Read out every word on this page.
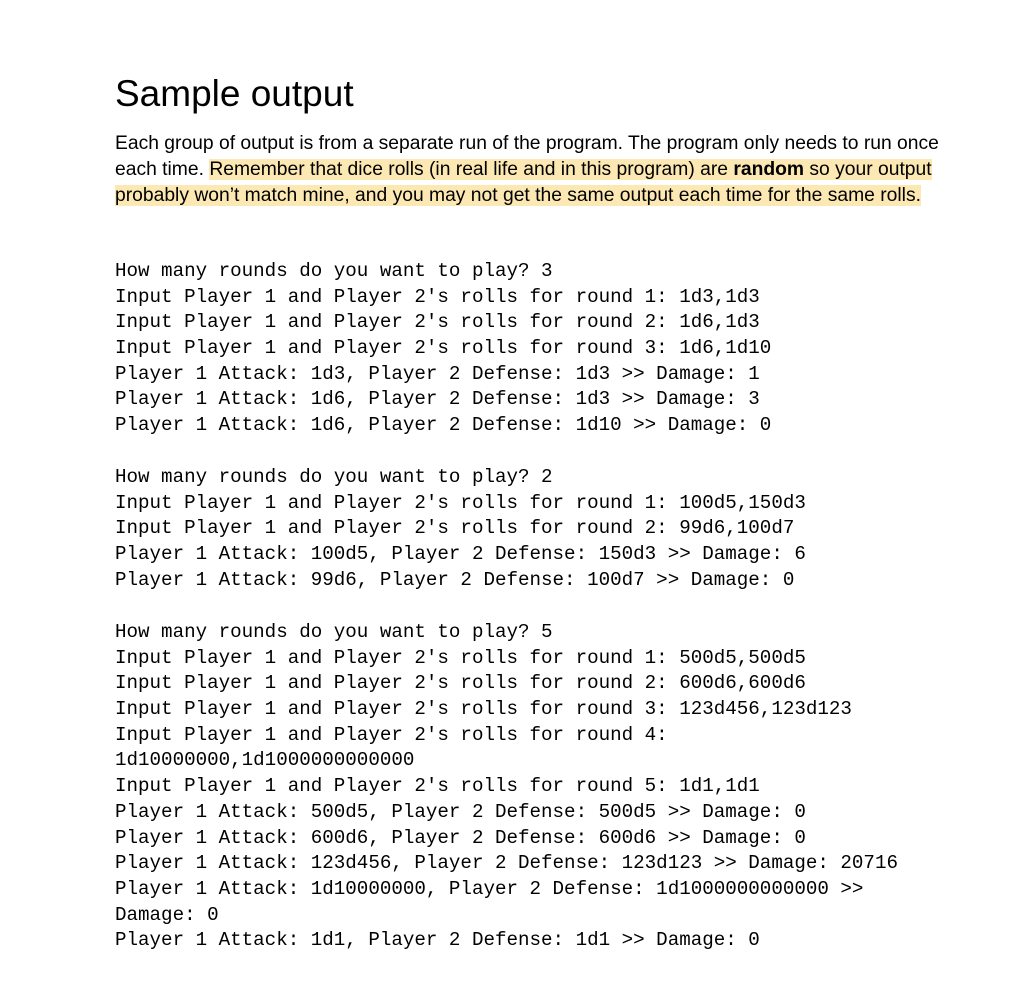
Sample output

Each group of output is from a separate run of the program. The program only needs to run once each time. Remember that dice rolls (in real life and in this program) are random so your output probably won’t match mine, and you may not get the same output each time for the same rolls.

How many rounds do you want to play? 3
Input Player 1 and Player 2's rolls for round 1: 1d3,1d3
Input Player 1 and Player 2's rolls for round 2: 1d6,1d3
Input Player 1 and Player 2's rolls for round 3: 1d6,1d10
Player 1 Attack: 1d3, Player 2 Defense: 1d3 >> Damage: 1
Player 1 Attack: 1d6, Player 2 Defense: 1d3 >> Damage: 3
Player 1 Attack: 1d6, Player 2 Defense: 1d10 >> Damage: 0
How many rounds do you want to play? 2
Input Player 1 and Player 2's rolls for round 1: 100d5,150d3
Input Player 1 and Player 2's rolls for round 2: 99d6,100d7
Player 1 Attack: 100d5, Player 2 Defense: 150d3 >> Damage: 6
Player 1 Attack: 99d6, Player 2 Defense: 100d7 >> Damage: 0
How many rounds do you want to play? 5
Input Player 1 and Player 2's rolls for round 1: 500d5,500d5
Input Player 1 and Player 2's rolls for round 2: 600d6,600d6
Input Player 1 and Player 2's rolls for round 3: 123d456,123d123
Input Player 1 and Player 2's rolls for round 4:
1d10000000,1d1000000000000
Input Player 1 and Player 2's rolls for round 5: 1d1,1d1
Player 1 Attack: 500d5, Player 2 Defense: 500d5 >> Damage: 0
Player 1 Attack: 600d6, Player 2 Defense: 600d6 >> Damage: 0
Player 1 Attack: 123d456, Player 2 Defense: 123d123 >> Damage: 20716
Player 1 Attack: 1d10000000, Player 2 Defense: 1d1000000000000 >>
Damage: 0
Player 1 Attack: 1d1, Player 2 Defense: 1d1 >> Damage: 0
